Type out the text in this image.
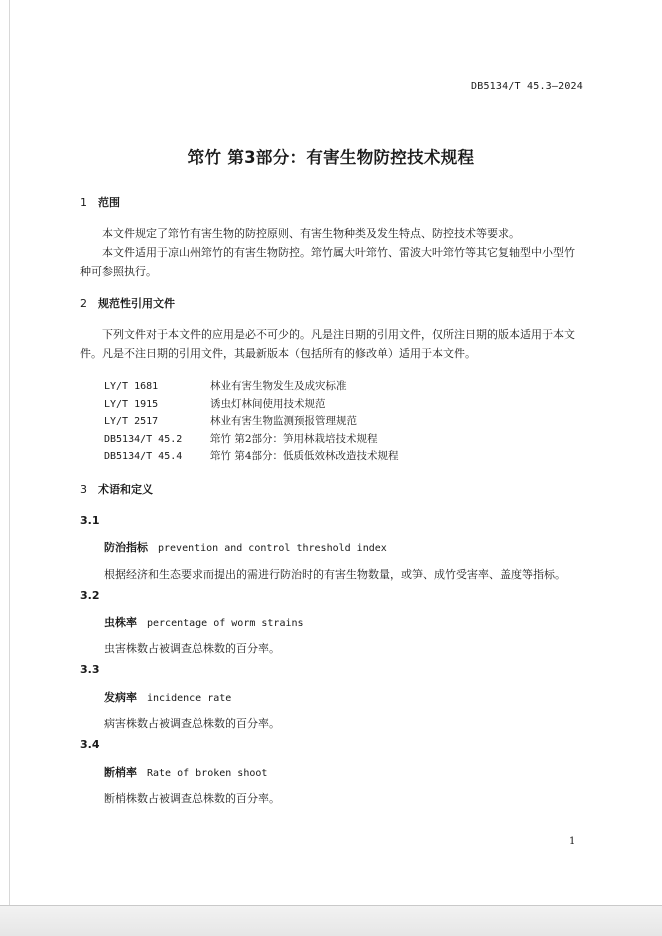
DB5134/T 45.3—2024
筇竹 第3部分：有害生物防控技术规程
1 范围
本文件规定了筇竹有害生物的防控原则、有害生物种类及发生特点、防控技术等要求。
本文件适用于凉山州筇竹的有害生物防控。筇竹属大叶筇竹、雷波大叶筇竹等其它复轴型中小型竹种可参照执行。
2 规范性引用文件
下列文件对于本文件的应用是必不可少的。凡是注日期的引用文件，仅所注日期的版本适用于本文件。凡是不注日期的引用文件，其最新版本（包括所有的修改单）适用于本文件。
LY/T 1681	林业有害生物发生及成灾标准
LY/T 1915	诱虫灯林间使用技术规范
LY/T 2517	林业有害生物监测预报管理规范
DB5134/T 45.2	筇竹 第2部分：笋用林栽培技术规程
DB5134/T 45.4	筇竹 第4部分：低质低效林改造技术规程
3 术语和定义
3.1
防治指标 prevention and control threshold index
根据经济和生态要求而提出的需进行防治时的有害生物数量，或笋、成竹受害率、盖度等指标。
3.2
虫株率 percentage of worm strains
虫害株数占被调查总株数的百分率。
3.3
发病率 incidence rate
病害株数占被调查总株数的百分率。
3.4
断梢率 Rate of broken shoot
断梢株数占被调查总株数的百分率。
1
